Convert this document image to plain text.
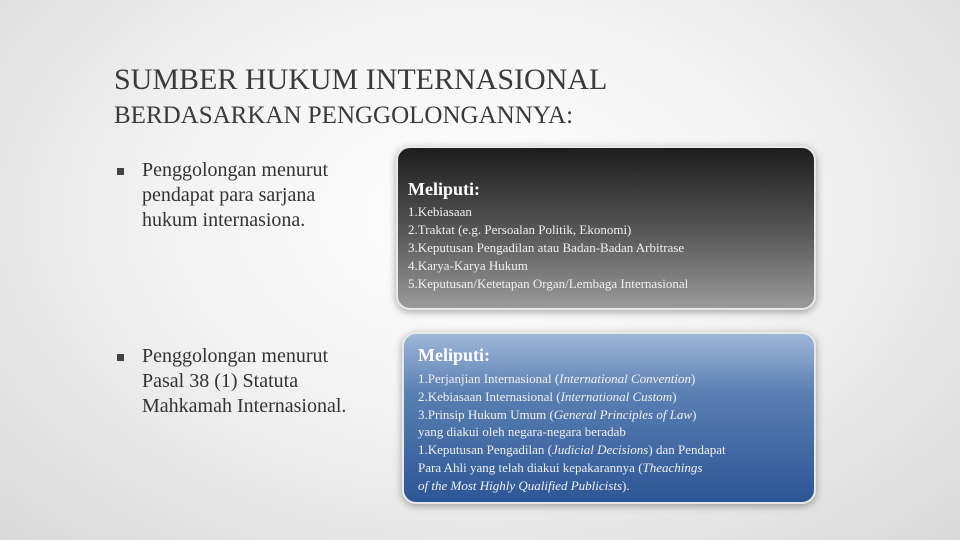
SUMBER HUKUM INTERNASIONAL
BERDASARKAN PENGGOLONGANNYA:
Penggolongan menurut
pendapat para sarjana
hukum internasiona.
Penggolongan menurut
Pasal 38 (1) Statuta
Mahkamah Internasional.
Meliputi:
1.Kebiasaan
2.Traktat (e.g. Persoalan Politik, Ekonomi)
3.Keputusan Pengadilan atau Badan-Badan Arbitrase
4.Karya-Karya Hukum
5.Keputusan/Ketetapan Organ/Lembaga Internasional
Meliputi:
1.Perjanjian Internasional (International Convention)
2.Kebiasaan Internasional (International Custom)
3.Prinsip Hukum Umum (General Principles of Law)
yang diakui oleh negara-negara beradab
1.Keputusan Pengadilan (Judicial Decisions) dan Pendapat
Para Ahli yang telah diakui kepakarannya (Theachings
of the Most Highly Qualified Publicists).
